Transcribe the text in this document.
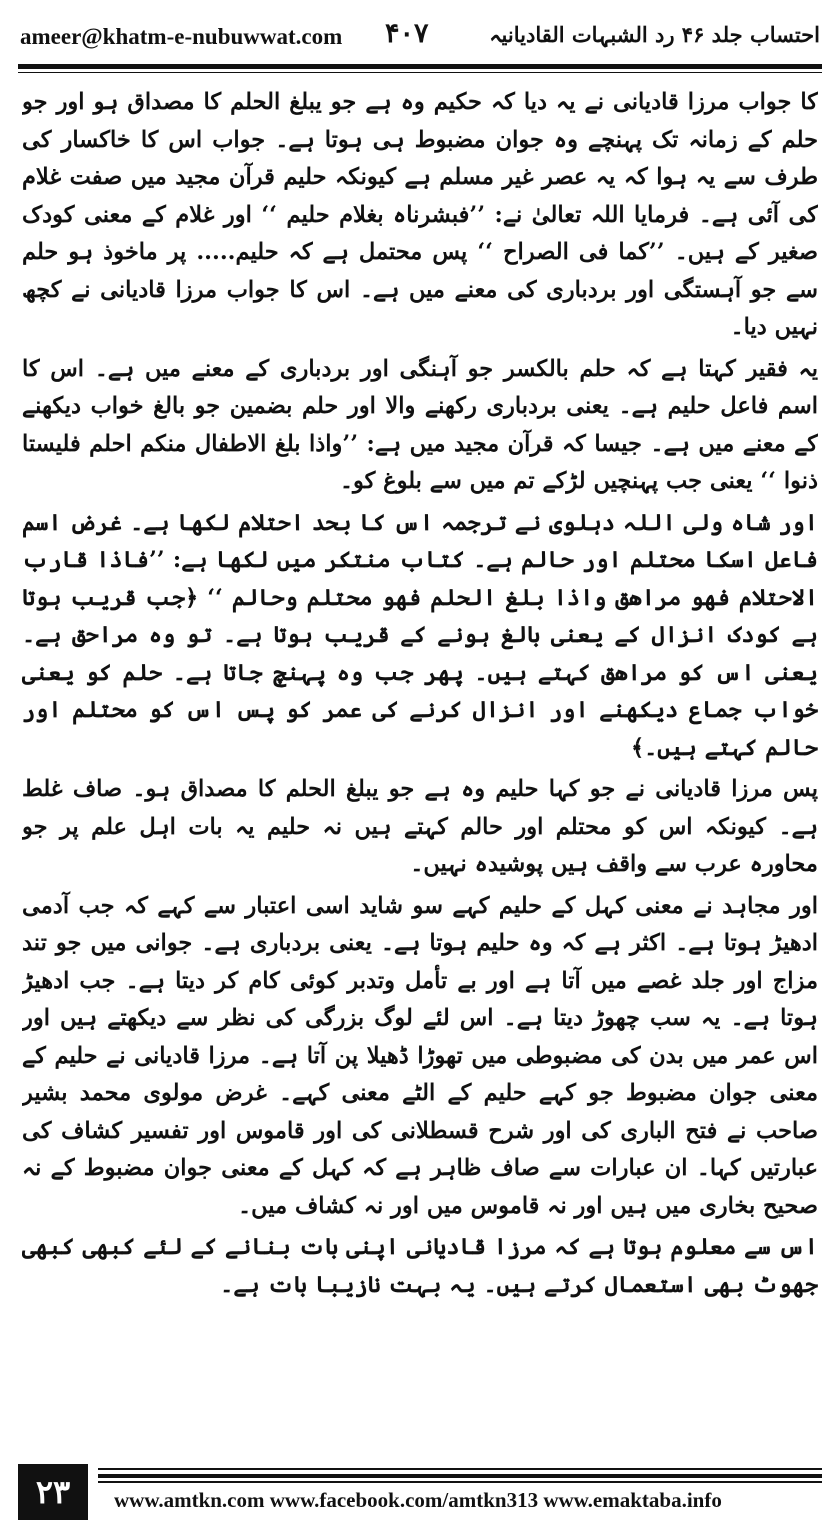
ameer@khatm-e-nubuwwat.com ۴۰۷	احتساب جلد ۴۶ رد الشبہات القادیانیہ

کا جواب مرزا قادیانی نے یہ دیا کہ حکیم وہ ہے جو یبلغ الحلم کا مصداق ہو اور جو حلم کے زمانہ تک پہنچے وہ جوان مضبوط ہی ہوتا ہے۔ جواب اس کا خاکسار کی طرف سے یہ ہوا کہ یہ عصر غیر مسلم ہے کیونکہ حلیم قرآن مجید میں صفت غلام کی آئی ہے۔ فرمایا اللہ تعالیٰ نے: ’’فبشرناہ بغلام حلیم ‘‘ اور غلام کے معنی کودک صغیر کے ہیں۔ ’’کما فی الصراح ‘‘ پس محتمل ہے کہ حلیم..... پر ماخوذ ہو حلم سے جو آہستگی اور بردباری کی معنے میں ہے۔ اس کا جواب مرزا قادیانی نے کچھ نہیں دیا۔

یہ فقیر کہتا ہے کہ حلم بالکسر جو آہنگی اور بردباری کے معنے میں ہے۔ اس کا اسم فاعل حلیم ہے۔ یعنی بردباری رکھنے والا اور حلم بضمین جو بالغ خواب دیکھنے کے معنے میں ہے۔ جیسا کہ قرآن مجید میں ہے: ’’واذا بلغ الاطفال منکم احلم فلیستا ذنوا ‘‘ یعنی جب پہنچیں لڑکے تم میں سے بلوغ کو۔

اور شاہ ولی اللہ دہلوی نے ترجمہ اس کا بحد احتلام لکھا ہے۔ غرض اسم فاعل اسکا محتلم اور حالم ہے۔ کتاب منتکر میں لکھا ہے: ’’فاذا قارب الاحتلام فھو مراھق واذا بلغ الحلم فھو محتلم وحالم ‘‘ ﴿جب قریب ہوتا ہے کودک انزال کے یعنی بالغ ہونے کے قریب ہوتا ہے۔ تو وہ مراحق ہے۔ یعنی اس کو مراھق کہتے ہیں۔ پھر جب وہ پہنچ جاتا ہے۔ حلم کو یعنی خواب جماع دیکھنے اور انزال کرنے کی عمر کو پس اس کو محتلم اور حالم کہتے ہیں۔﴾

پس مرزا قادیانی نے جو کہا حلیم وہ ہے جو یبلغ الحلم کا مصداق ہو۔ صاف غلط ہے۔ کیونکہ اس کو محتلم اور حالم کہتے ہیں نہ حلیم یہ بات اہل علم پر جو محاورہ عرب سے واقف ہیں پوشیدہ نہیں۔

اور مجاہد نے معنی کہل کے حلیم کہے سو شاید اسی اعتبار سے کہے کہ جب آدمی ادھیڑ ہوتا ہے۔ اکثر ہے کہ وہ حلیم ہوتا ہے۔ یعنی بردباری ہے۔ جوانی میں جو تند مزاج اور جلد غصے میں آتا ہے اور بے تأمل وتدبر کوئی کام کر دیتا ہے۔ جب ادھیڑ ہوتا ہے۔ یہ سب چھوڑ دیتا ہے۔ اس لئے لوگ بزرگی کی نظر سے دیکھتے ہیں اور اس عمر میں بدن کی مضبوطی میں تھوڑا ڈھیلا پن آتا ہے۔ مرزا قادیانی نے حلیم کے معنی جوان مضبوط جو کہے حلیم کے الٹے معنی کہے۔ غرض مولوی محمد بشیر صاحب نے فتح الباری کی اور شرح قسطلانی کی اور قاموس اور تفسیر کشاف کی عبارتیں کہا۔ ان عبارات سے صاف ظاہر ہے کہ کہل کے معنی جوان مضبوط کے نہ صحیح بخاری میں ہیں اور نہ قاموس میں اور نہ کشاف میں۔

اس سے معلوم ہوتا ہے کہ مرزا قادیانی اپنی بات بنانے کے لئے کبھی کبھی جھوٹ بھی استعمال کرتے ہیں۔ یہ بہت نازیبا بات ہے۔

۲۳	www.amtkn.com www.facebook.com/amtkn313 www.emaktaba.info
